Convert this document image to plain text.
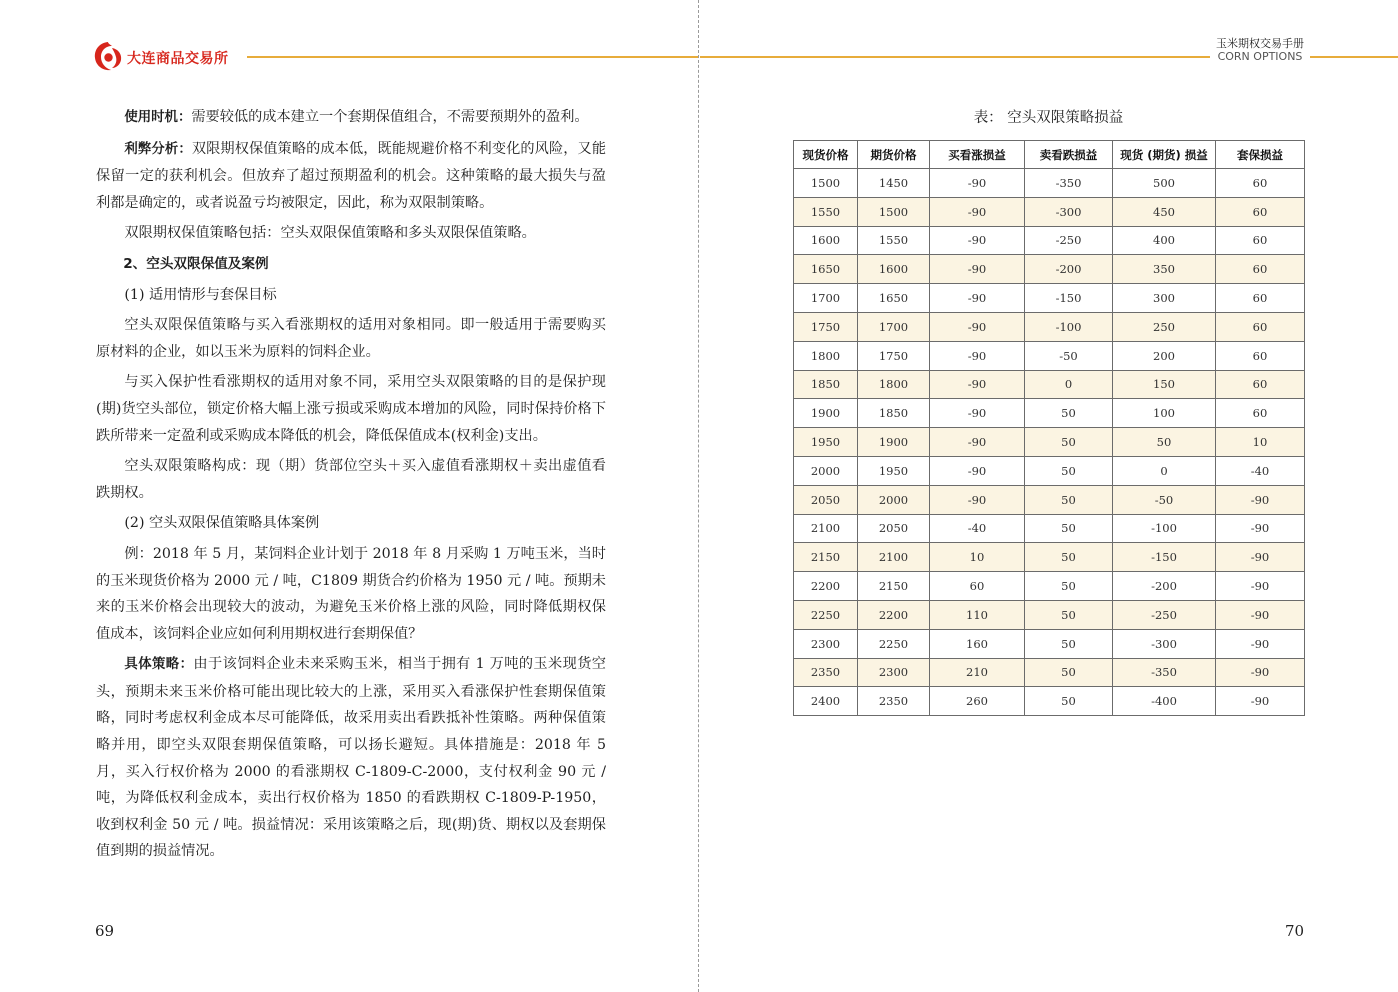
大连商品交易所
玉米期权交易手册
CORN OPTIONS

使用时机：需要较低的成本建立一个套期保值组合，不需要预期外的盈利。

利弊分析：双限期权保值策略的成本低，既能规避价格不利变化的风险，又能保留一定的获利机会。但放弃了超过预期盈利的机会。这种策略的最大损失与盈利都是确定的，或者说盈亏均被限定，因此，称为双限制策略。

双限期权保值策略包括：空头双限保值策略和多头双限保值策略。

2、空头双限保值及案例

(1) 适用情形与套保目标

空头双限保值策略与买入看涨期权的适用对象相同。即一般适用于需要购买原材料的企业，如以玉米为原料的饲料企业。

与买入保护性看涨期权的适用对象不同，采用空头双限策略的目的是保护现(期)货空头部位，锁定价格大幅上涨亏损或采购成本增加的风险，同时保持价格下跌所带来一定盈利或采购成本降低的机会，降低保值成本(权利金)支出。

空头双限策略构成：现（期）货部位空头＋买入虚值看涨期权＋卖出虚值看跌期权。

(2) 空头双限保值策略具体案例

例：2018 年 5 月，某饲料企业计划于 2018 年 8 月采购 1 万吨玉米，当时的玉米现货价格为 2000 元 / 吨，C1809 期货合约价格为 1950 元 / 吨。预期未来的玉米价格会出现较大的波动，为避免玉米价格上涨的风险，同时降低期权保值成本，该饲料企业应如何利用期权进行套期保值？

具体策略：由于该饲料企业未来采购玉米，相当于拥有 1 万吨的玉米现货空头，预期未来玉米价格可能出现比较大的上涨，采用买入看涨保护性套期保值策略，同时考虑权利金成本尽可能降低，故采用卖出看跌抵补性策略。两种保值策略并用，即空头双限套期保值策略，可以扬长避短。具体措施是：2018 年 5 月，买入行权价格为 2000 的看涨期权 C-1809-C-2000，支付权利金 90 元 / 吨，为降低权利金成本，卖出行权价格为 1850 的看跌期权 C-1809-P-1950，收到权利金 50 元 / 吨。损益情况：采用该策略之后，现(期)货、期权以及套期保值到期的损益情况。

69
表： 空头双限策略损益
现货价格	期货价格	买看涨损益	卖看跌损益	现货 (期货) 损益	套保损益
1500	1450	-90	-350	500	60
1550	1500	-90	-300	450	60
1600	1550	-90	-250	400	60
1650	1600	-90	-200	350	60
1700	1650	-90	-150	300	60
1750	1700	-90	-100	250	60
1800	1750	-90	-50	200	60
1850	1800	-90	0	150	60
1900	1850	-90	50	100	60
1950	1900	-90	50	50	10
2000	1950	-90	50	0	-40
2050	2000	-90	50	-50	-90
2100	2050	-40	50	-100	-90
2150	2100	10	50	-150	-90
2200	2150	60	50	-200	-90
2250	2200	110	50	-250	-90
2300	2250	160	50	-300	-90
2350	2300	210	50	-350	-90
2400	2350	260	50	-400	-90
70
